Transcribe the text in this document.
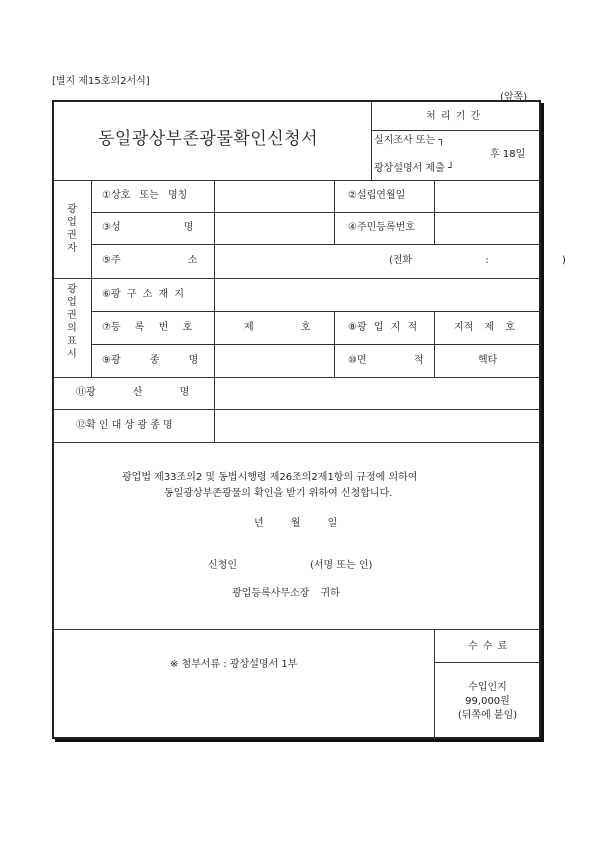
[별지 제15호의2서식]
(앞쪽)
동일광상부존광물확인신청서
처 리 기 간
실지조사 또는 ┐
후 18일
광상설명서 제출 ┘
광업권자
광업권의표시
①상호 또는 명칭	②설립연월일
③성 명	④주민등록번호
⑤주 소	(전화 : )
⑥광 구 소 재 지
⑦등 록 번 호	제 호	⑧광 업 지 적	지적 제 호
⑨광 종 명	⑩면 적	헥타
⑪광 산 명
⑫확 인 대 상 광 종 명
광업법 제33조의2 및 동법시행령 제26조의2제1항의 규정에 의하여
동일광상부존광물의 확인을 받기 위하여 신청합니다.
년 월 일
신청인	(서명 또는 인)
광업등록사무소장 귀하
※ 첨부서류 : 광상설명서 1부
수 수 료
수입인지
99,000원
(뒤쪽에 붙임)
